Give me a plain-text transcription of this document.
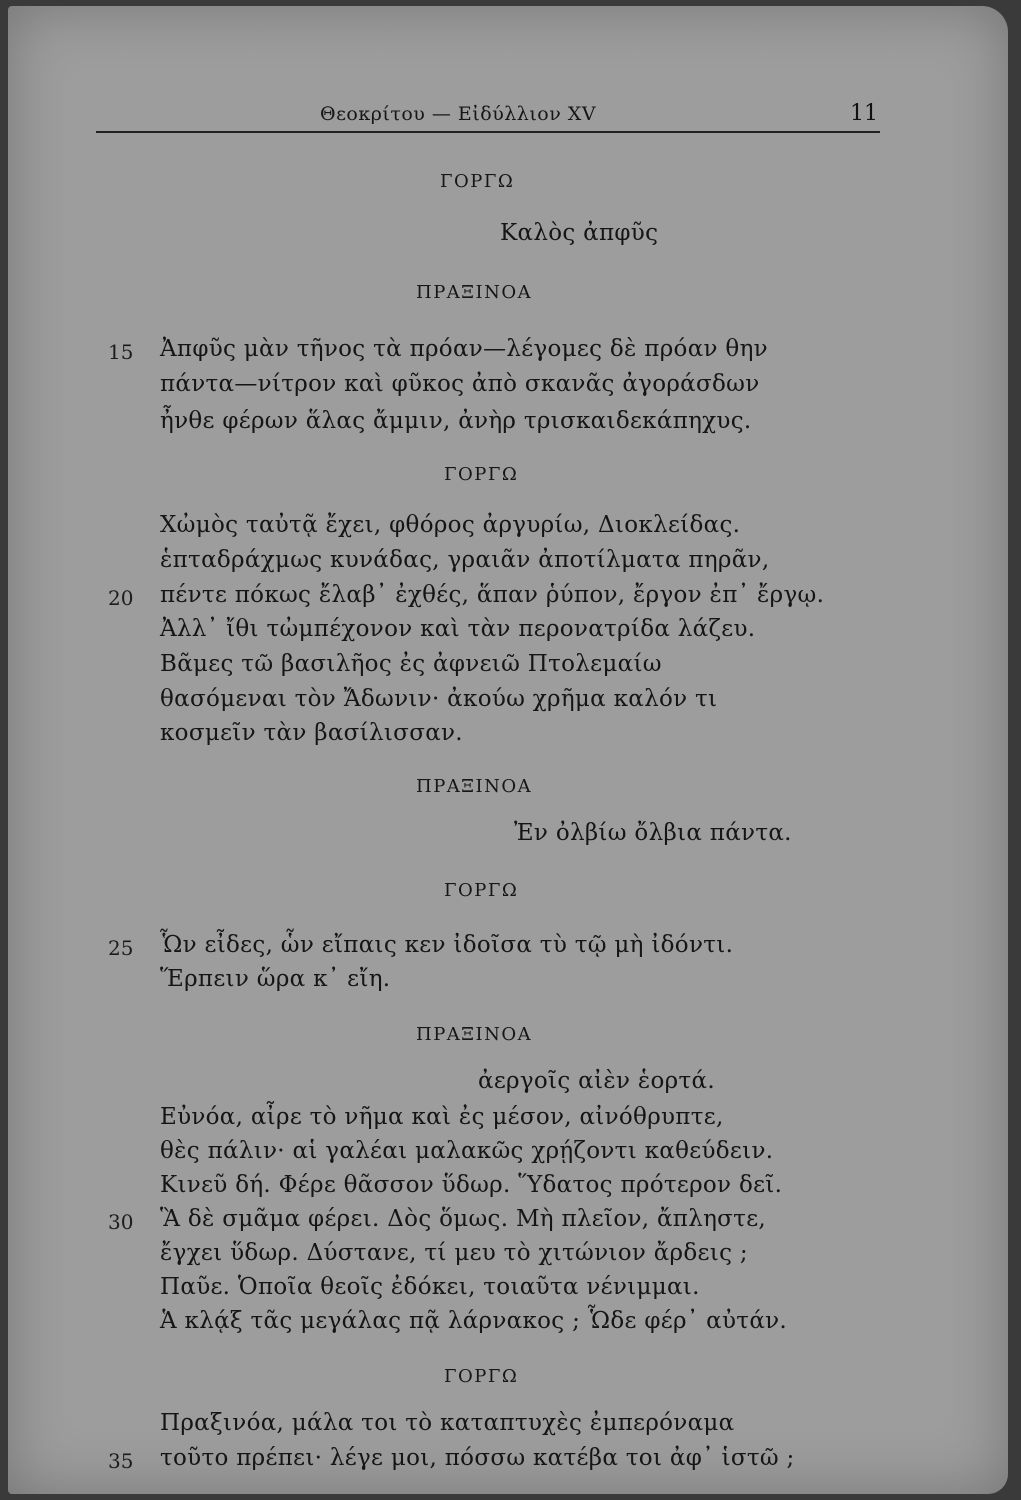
Θεοκρίτου — Εἰδύλλιον XV	11
ΓΟΡΓΩ
Καλὸς ἀπφῦς
ΠΡΑΞΙΝΟΑ
15 Ἀπφῦς μὰν τῆνος τὰ πρόαν—λέγομες δὲ πρόαν θην
πάντα—νίτρον καὶ φῦκος ἀπὸ σκανᾶς ἀγοράσδων
ἦνθε φέρων ἅλας ἄμμιν, ἀνὴρ τρισκαιδεκάπηχυς.
ΓΟΡΓΩ
Χὠμὸς ταὐτᾷ ἔχει, φθόρος ἀργυρίω, Διοκλείδας.
ἑπταδράχμως κυνάδας, γραιᾶν ἀποτίλματα πηρᾶν,
20 πέντε πόκως ἔλαβ᾽ ἐχθές, ἅπαν ῥύπον, ἔργον ἐπ᾽ ἔργῳ.
Ἀλλ᾽ ἴθι τὠμπέχονον καὶ τὰν περονατρίδα λάζευ.
Βᾶμες τῶ βασιλῆος ἐς ἀφνειῶ Πτολεμαίω
θασόμεναι τὸν Ἄδωνιν· ἀκούω χρῆμα καλόν τι
κοσμεῖν τὰν βασίλισσαν.
ΠΡΑΞΙΝΟΑ
Ἐν ὀλβίω ὄλβια πάντα.
ΓΟΡΓΩ
25 Ὧν εἶδες, ὧν εἴπαις κεν ἰδοῖσα τὺ τῷ μὴ ἰδόντι.
Ἕρπειν ὥρα κ᾽ εἴη.
ΠΡΑΞΙΝΟΑ
ἀεργοῖς αἰὲν ἑορτά.
Εὐνόα, αἶρε τὸ νῆμα καὶ ἐς μέσον, αἰνόθρυπτε,
θὲς πάλιν· αἱ γαλέαι μαλακῶς χρῄζοντι καθεύδειν.
Κινεῦ δή. Φέρε θᾶσσον ὕδωρ. Ὕδατος πρότερον δεῖ.
30 Ἃ δὲ σμᾶμα φέρει. Δὸς ὅμως. Μὴ πλεῖον, ἄπληστε,
ἔγχει ὕδωρ. Δύστανε, τί μευ τὸ χιτώνιον ἄρδεις ;
Παῦε. Ὁποῖα θεοῖς ἐδόκει, τοιαῦτα νένιμμαι.
Ἁ κλᾴξ τᾶς μεγάλας πᾷ λάρνακος ; Ὧδε φέρ᾽ αὐτάν.
ΓΟΡΓΩ
Πραξινόα, μάλα τοι τὸ καταπτυχὲς ἐμπερόναμα
35 τοῦτο πρέπει· λέγε μοι, πόσσω κατέβα τοι ἀφ᾽ ἱστῶ ;
